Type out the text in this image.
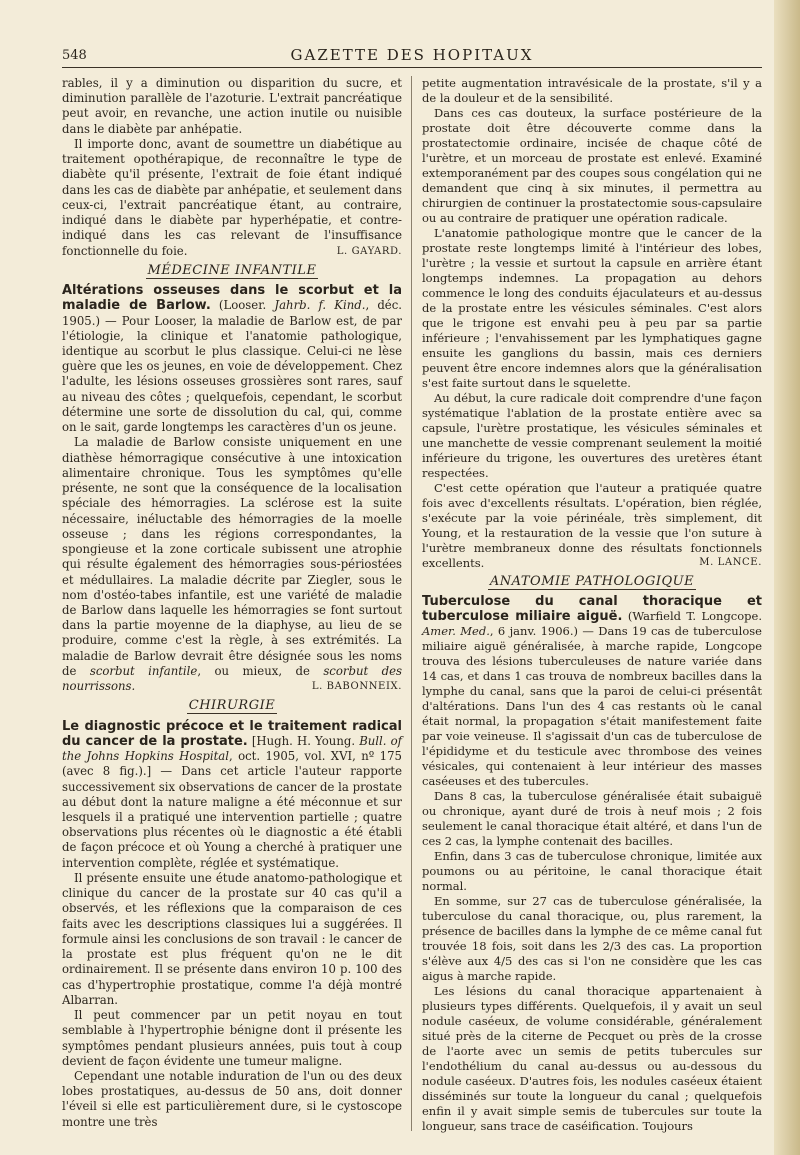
548	GAZETTE DES HOPITAUX

rables, il y a diminution ou disparition du sucre, et diminution parallèle de l'azoturie. L'extrait pancréatique peut avoir, en revanche, une action inutile ou nuisible dans le diabète par anhépatie.

Il importe donc, avant de soumettre un diabétique au traitement opothérapique, de reconnaître le type de diabète qu'il présente, l'extrait de foie étant indiqué dans les cas de diabète par anhépatie, et seulement dans ceux-ci, l'extrait pancréatique étant, au contraire, indiqué dans le diabète par hyperhépatie, et contre-indiqué dans les cas relevant de l'insuffisance fonctionnelle du foie.	L. GAYARD.

MÉDECINE INFANTILE

Altérations osseuses dans le scorbut et la maladie de Barlow. (Looser. Jahrb. f. Kind., déc. 1905.) — Pour Looser, la maladie de Barlow est, de par l'étiologie, la clinique et l'anatomie pathologique, identique au scorbut le plus classique. Celui-ci ne lèse guère que les os jeunes, en voie de développement. Chez l'adulte, les lésions osseuses grossières sont rares, sauf au niveau des côtes ; quelquefois, cependant, le scorbut détermine une sorte de dissolution du cal, qui, comme on le sait, garde longtemps les caractères d'un os jeune.

La maladie de Barlow consiste uniquement en une diathèse hémorragique consécutive à une intoxication alimentaire chronique. Tous les symptômes qu'elle présente, ne sont que la conséquence de la localisation spéciale des hémorragies. La sclérose est la suite nécessaire, inéluctable des hémorragies de la moelle osseuse ; dans les régions correspondantes, la spongieuse et la zone corticale subissent une atrophie qui résulte également des hémorragies sous-périostées et médullaires. La maladie décrite par Ziegler, sous le nom d'ostéo-tabes infantile, est une variété de maladie de Barlow dans laquelle les hémorragies se font surtout dans la partie moyenne de la diaphyse, au lieu de se produire, comme c'est la règle, à ses extrémités. La maladie de Barlow devrait être désignée sous les noms de scorbut infantile, ou mieux, de scorbut des nourrissons.	L. BABONNEIX.

CHIRURGIE

Le diagnostic précoce et le traitement radical du cancer de la prostate. [Hugh. H. Young. Bull. of the Johns Hopkins Hospital, oct. 1905, vol. XVI, nº 175 (avec 8 fig.).] — Dans cet article l'auteur rapporte successivement six observations de cancer de la prostate au début dont la nature maligne a été méconnue et sur lesquels il a pratiqué une intervention partielle ; quatre observations plus récentes où le diagnostic a été établi de façon précoce et où Young a cherché à pratiquer une intervention complète, réglée et systématique.

Il présente ensuite une étude anatomo-pathologique et clinique du cancer de la prostate sur 40 cas qu'il a observés, et les réflexions que la comparaison de ces faits avec les descriptions classiques lui a suggérées. Il formule ainsi les conclusions de son travail : le cancer de la prostate est plus fréquent qu'on ne le dit ordinairement. Il se présente dans environ 10 p. 100 des cas d'hypertrophie prostatique, comme l'a déjà montré Albarran.

Il peut commencer par un petit noyau en tout semblable à l'hypertrophie bénigne dont il présente les symptômes pendant plusieurs années, puis tout à coup devient de façon évidente une tumeur maligne.

Cependant une notable induration de l'un ou des deux lobes prostatiques, au-dessus de 50 ans, doit donner l'éveil si elle est particulièrement dure, si le cystoscope montre une très

petite augmentation intravésicale de la prostate, s'il y a de la douleur et de la sensibilité.

Dans ces cas douteux, la surface postérieure de la prostate doit être découverte comme dans la prostatectomie ordinaire, incisée de chaque côté de l'urètre, et un morceau de prostate est enlevé. Examiné extemporanément par des coupes sous congélation qui ne demandent que cinq à six minutes, il permettra au chirurgien de continuer la prostatectomie sous-capsulaire ou au contraire de pratiquer une opération radicale.

L'anatomie pathologique montre que le cancer de la prostate reste longtemps limité à l'intérieur des lobes, l'urètre ; la vessie et surtout la capsule en arrière étant longtemps indemnes. La propagation au dehors commence le long des conduits éjaculateurs et au-dessus de la prostate entre les vésicules séminales. C'est alors que le trigone est envahi peu à peu par sa partie inférieure ; l'envahissement par les lymphatiques gagne ensuite les ganglions du bassin, mais ces derniers peuvent être encore indemnes alors que la généralisation s'est faite surtout dans le squelette.

Au début, la cure radicale doit comprendre d'une façon systématique l'ablation de la prostate entière avec sa capsule, l'urètre prostatique, les vésicules séminales et une manchette de vessie comprenant seulement la moitié inférieure du trigone, les ouvertures des uretères étant respectées.

C'est cette opération que l'auteur a pratiquée quatre fois avec d'excellents résultats. L'opération, bien réglée, s'exécute par la voie périnéale, très simplement, dit Young, et la restauration de la vessie que l'on suture à l'urètre membraneux donne des résultats fonctionnels excellents.	M. LANCE.

ANATOMIE PATHOLOGIQUE

Tuberculose du canal thoracique et tuberculose miliaire aiguë. (Warfield T. Longcope. Amer. Med., 6 janv. 1906.) — Dans 19 cas de tuberculose miliaire aiguë généralisée, à marche rapide, Longcope trouva des lésions tuberculeuses de nature variée dans 14 cas, et dans 1 cas trouva de nombreux bacilles dans la lymphe du canal, sans que la paroi de celui-ci présentât d'altérations. Dans l'un des 4 cas restants où le canal était normal, la propagation s'était manifestement faite par voie veineuse. Il s'agissait d'un cas de tuberculose de l'épididyme et du testicule avec thrombose des veines vésicales, qui contenaient à leur intérieur des masses caséeuses et des tubercules.

Dans 8 cas, la tuberculose généralisée était subaiguë ou chronique, ayant duré de trois à neuf mois ; 2 fois seulement le canal thoracique était altéré, et dans l'un de ces 2 cas, la lymphe contenait des bacilles.

Enfin, dans 3 cas de tuberculose chronique, limitée aux poumons ou au péritoine, le canal thoracique était normal.

En somme, sur 27 cas de tuberculose généralisée, la tuberculose du canal thoracique, ou, plus rarement, la présence de bacilles dans la lymphe de ce même canal fut trouvée 18 fois, soit dans les 2/3 des cas. La proportion s'élève aux 4/5 des cas si l'on ne considère que les cas aigus à marche rapide.

Les lésions du canal thoracique appartenaient à plusieurs types différents. Quelquefois, il y avait un seul nodule caséeux, de volume considérable, généralement situé près de la citerne de Pecquet ou près de la crosse de l'aorte avec un semis de petits tubercules sur l'endothélium du canal au-dessus ou au-dessous du nodule caséeux. D'autres fois, les nodules caséeux étaient disséminés sur toute la longueur du canal ; quelquefois enfin il y avait simple semis de tubercules sur toute la longueur, sans trace de caséification. Toujours
